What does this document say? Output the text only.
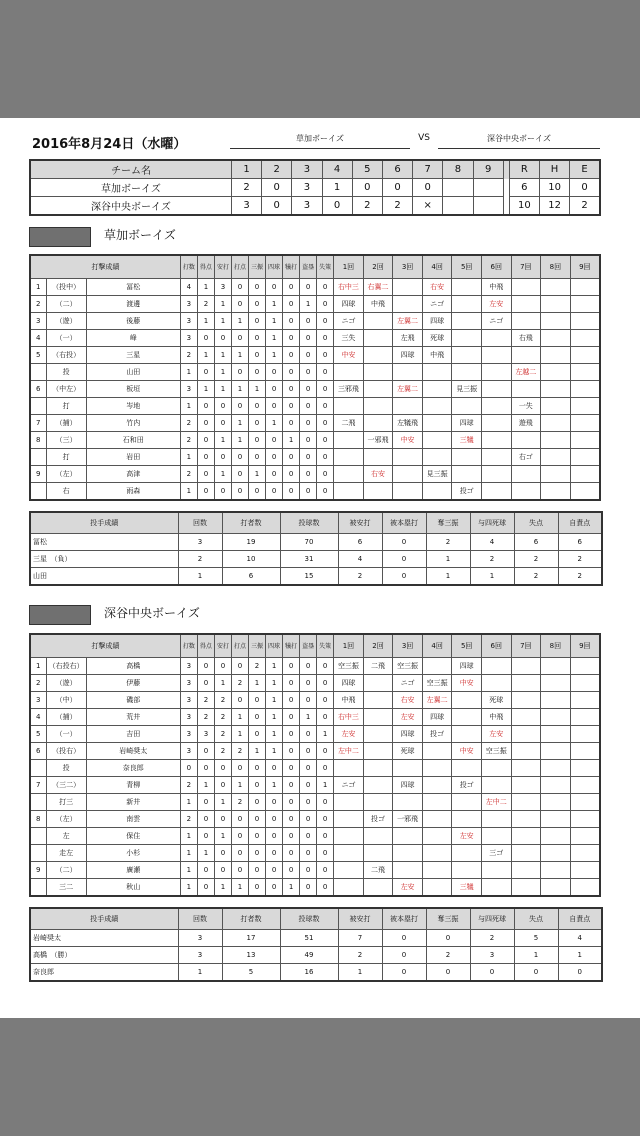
2016年8月24日（水曜）	草加ボーイズ	VS	深谷中央ボーイズ
チーム名	1	2	3	4	5	6	7	8	9		R	H	E
草加ボーイズ	2	0	3	1	0	0	0				6	10	0
深谷中央ボーイズ	3	0	3	0	2	2	×				10	12	2
草加ボーイズ
打撃成績			打数	得点	安打	打点	三振	四球	犠打	盗塁	失策	1回	2回	3回	4回	5回	6回	7回	8回	9回
1	（投中）	冨松	4	1	3	0	0	0	0	0	0	右中三	右翼二		右安		中飛			
2	（二）	渡邊	3	2	1	0	0	1	0	1	0	四球	中飛		ニゴ		左安			
3	（遊）	後藤	3	1	1	1	0	1	0	0	0	ニゴ		左翼二	四球		ニゴ			
4	（一）	峰	3	0	0	0	0	1	0	0	0	三失		左飛	死球			右飛		
5	（右投）	三星	2	1	1	1	0	1	0	0	0	中安		四球	中飛					
	投	山田	1	0	1	0	0	0	0	0	0							左越二		
6	（中左）	板垣	3	1	1	1	1	0	0	0	0	三邪飛		左翼二		見三振				
	打	岑地	1	0	0	0	0	0	0	0	0							一失		
7	（捕）	竹内	2	0	0	1	0	1	0	0	0	二飛		左犠飛		四球		遊飛		
8	（三）	石和田	2	0	1	1	0	0	1	0	0		一邪飛	中安		三犠				
	打	岩田	1	0	0	0	0	0	0	0	0							右ゴ		
9	（左）	高津	2	0	1	0	1	0	0	0	0		右安		見三振					
	右	雨森	1	0	0	0	0	0	0	0	0					投ゴ				
投手成績	回数	打者数	投球数	被安打	被本塁打	奪三振	与四死球	失点	自責点
冨松	3	19	70	6	0	2	4	6	6
三星　（負）	2	10	31	4	0	1	2	2	2
山田	1	6	15	2	0	1	1	2	2
深谷中央ボーイズ
打撃成績			打数	得点	安打	打点	三振	四球	犠打	盗塁	失策	1回	2回	3回	4回	5回	6回	7回	8回	9回
1	（右投右）	高橋	3	0	0	0	2	1	0	0	0	空三振	二飛	空三振		四球				
2	（遊）	伊藤	3	0	1	2	1	1	0	0	0	四球		ニゴ	空三振	中安				
3	（中）	磯部	3	2	2	0	0	1	0	0	0	中飛		右安	左翼二		死球			
4	（捕）	荒井	3	2	2	1	0	1	0	1	0	右中三		左安	四球		中飛			
5	（一）	吉田	3	3	2	1	0	1	0	0	1	左安		四球	投ゴ		左安			
6	（投右）	岩崎奨太	3	0	2	2	1	1	0	0	0	左中二		死球		中安	空三振			
	投	奈良郎	0	0	0	0	0	0	0	0	0									
7	（三二）	青柳	2	1	0	1	0	1	0	0	1	ニゴ		四球		投ゴ				
	打三	新井	1	0	1	2	0	0	0	0	0						左中二			
8	（左）	南雲	2	0	0	0	0	0	0	0	0		投ゴ	一邪飛						
	左	保住	1	0	1	0	0	0	0	0	0					左安				
	走左	小杉	1	1	0	0	0	0	0	0	0						三ゴ			
9	（二）	廣瀬	1	0	0	0	0	0	0	0	0		二飛							
	三二	秋山	1	0	1	1	0	0	1	0	0			左安		三犠				
投手成績	回数	打者数	投球数	被安打	被本塁打	奪三振	与四死球	失点	自責点
岩崎奨太	3	17	51	7	0	0	2	5	4
高橋　（勝）	3	13	49	2	0	2	3	1	1
奈良郎	1	5	16	1	0	0	0	0	0
